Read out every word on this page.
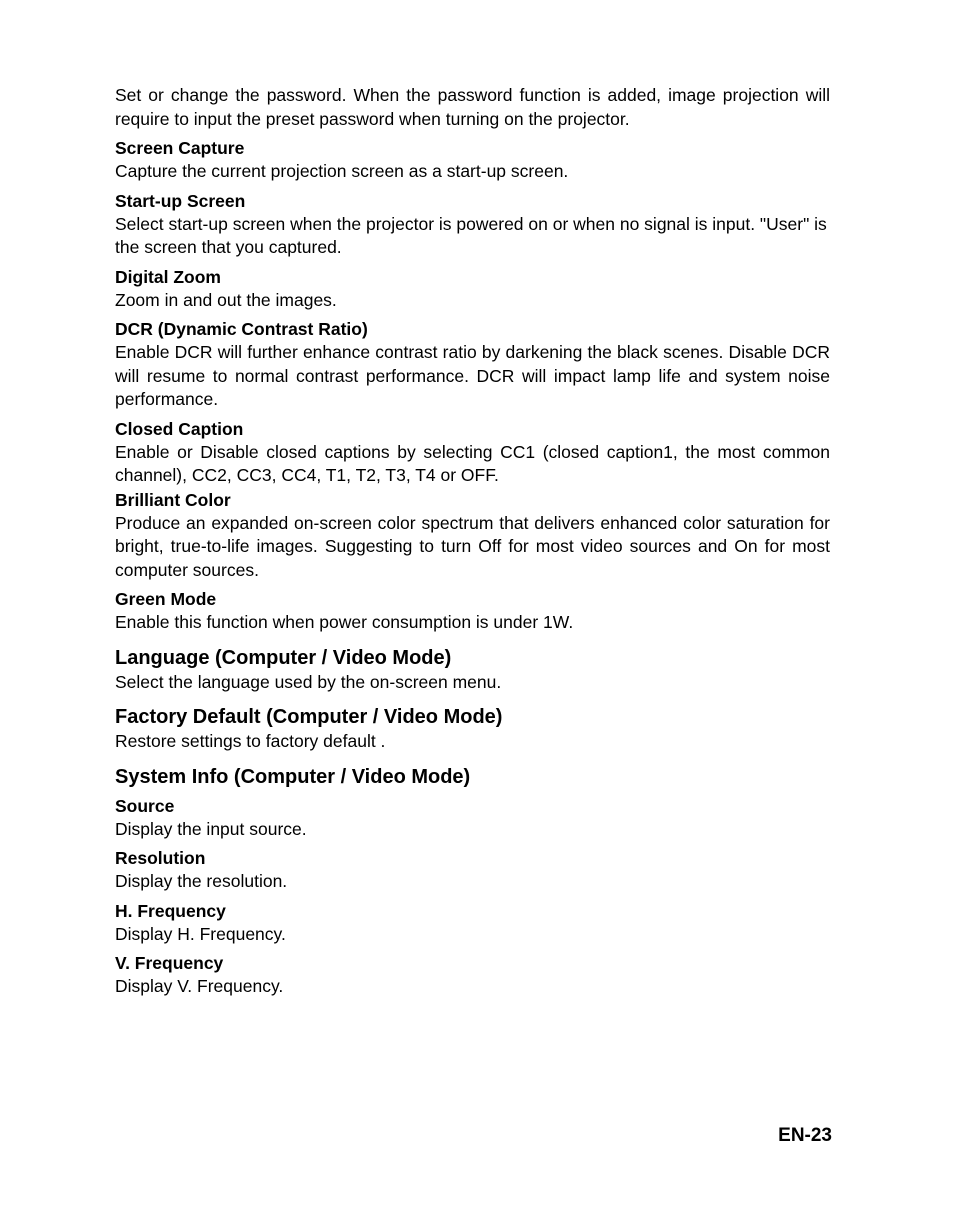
Set or change the password. When the password function is added, image projection will require to input the preset password when turning on the projector.

Screen Capture

Capture the current projection screen as a start-up screen.

Start-up Screen

Select start-up screen when the projector is powered on or when no signal is input. "User" is the screen that you captured.

Digital Zoom

Zoom in and out the images.

DCR (Dynamic Contrast Ratio)

Enable DCR will further enhance contrast ratio by darkening the black scenes. Disable DCR will resume to normal contrast performance. DCR will impact lamp life and system noise performance.

Closed Caption

Enable or Disable closed captions by selecting CC1 (closed caption1, the most common channel), CC2, CC3, CC4, T1, T2, T3, T4 or OFF.

Brilliant Color

Produce an expanded on-screen color spectrum that delivers enhanced color saturation for bright, true-to-life images. Suggesting to turn Off for most video sources and On for most computer sources.

Green Mode

Enable this function when power consumption is under 1W.

Language (Computer / Video Mode)

Select the language used by the on-screen menu.

Factory Default (Computer / Video Mode)

Restore settings to factory default .

System Info (Computer / Video Mode)
Source

Display the input source.

Resolution

Display the resolution.

H. Frequency

Display H. Frequency.

V. Frequency

Display V. Frequency.

EN-23
